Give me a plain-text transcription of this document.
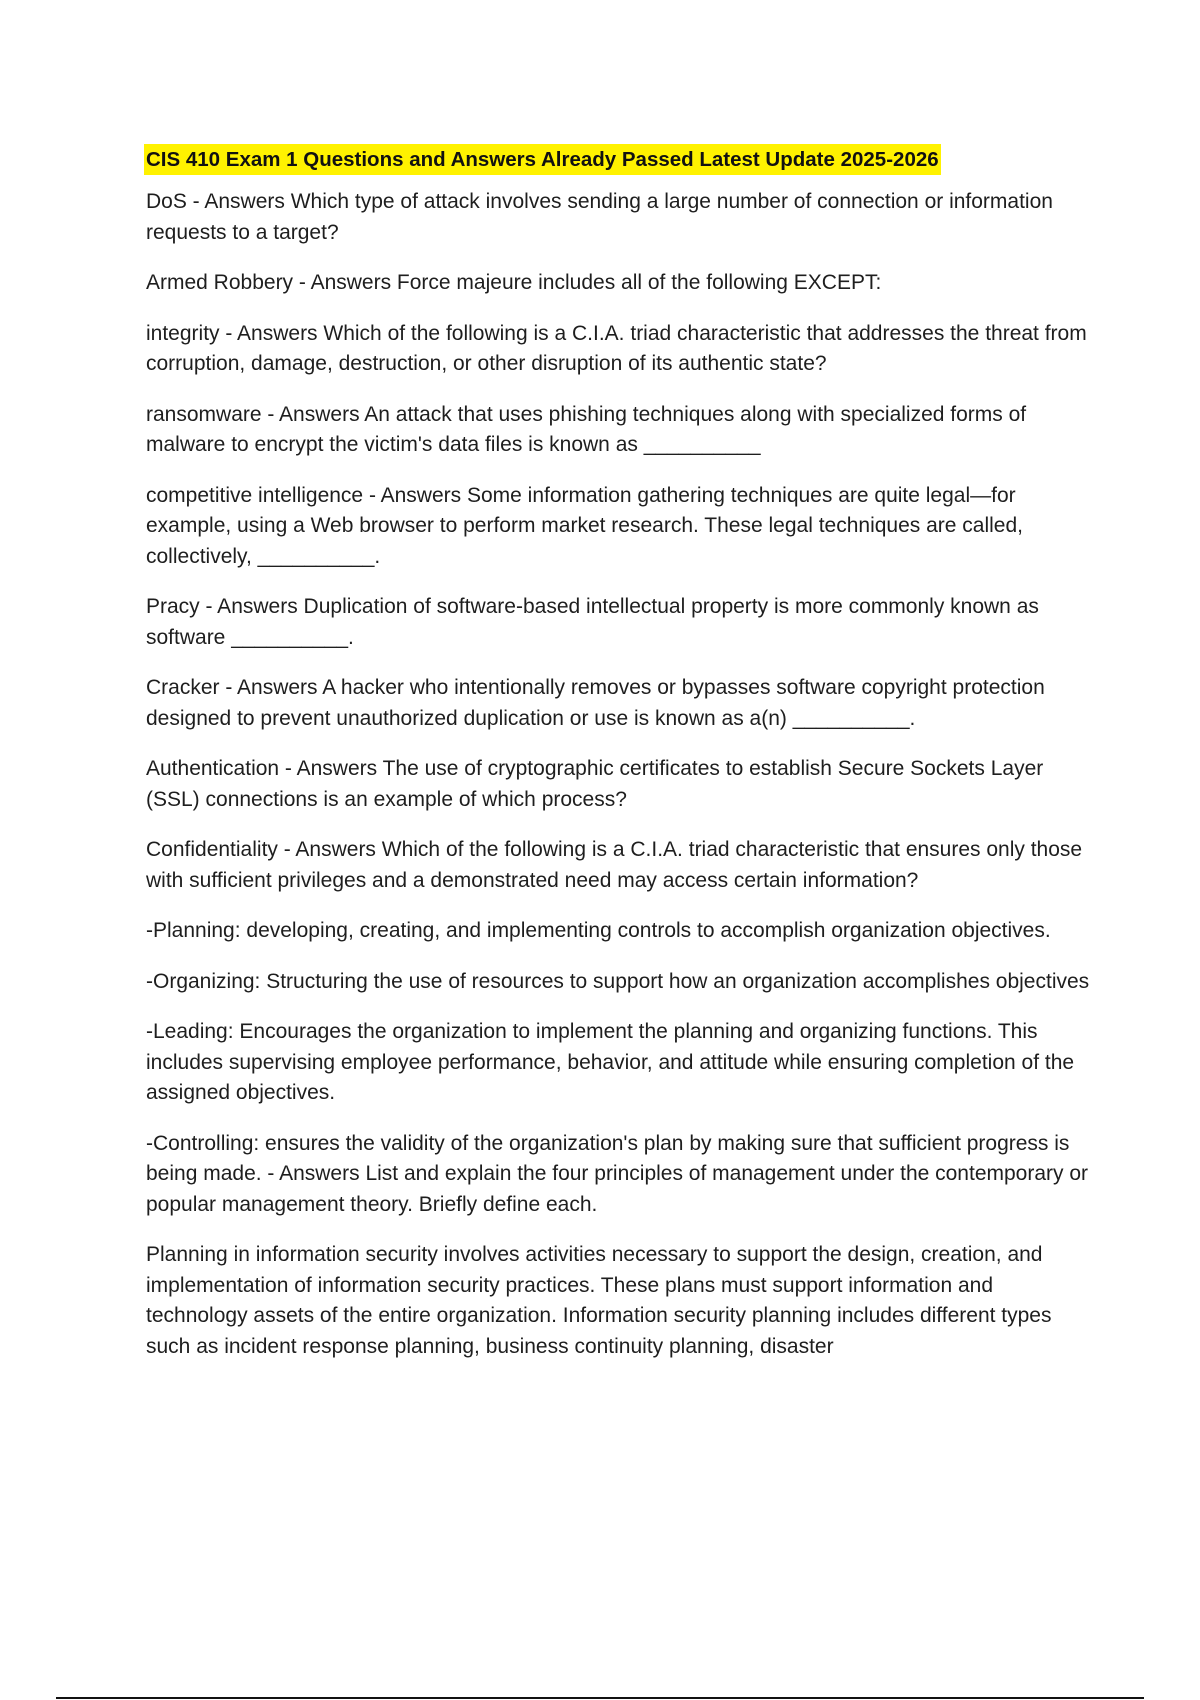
CIS 410 Exam 1 Questions and Answers Already Passed Latest Update 2025-2026

DoS - Answers Which type of attack involves sending a large number of connection or information requests to a target?

Armed Robbery - Answers Force majeure includes all of the following EXCEPT:

integrity - Answers Which of the following is a C.I.A. triad characteristic that addresses the threat from corruption, damage, destruction, or other disruption of its authentic state?

ransomware - Answers An attack that uses phishing techniques along with specialized forms of malware to encrypt the victim's data files is known as __________

competitive intelligence - Answers Some information gathering techniques are quite legal—for example, using a Web browser to perform market research. These legal techniques are called, collectively, __________.

Pracy - Answers Duplication of software-based intellectual property is more commonly known as software __________.

Cracker - Answers A hacker who intentionally removes or bypasses software copyright protection designed to prevent unauthorized duplication or use is known as a(n) __________.

Authentication - Answers The use of cryptographic certificates to establish Secure Sockets Layer (SSL) connections is an example of which process?

Confidentiality - Answers Which of the following is a C.I.A. triad characteristic that ensures only those with sufficient privileges and a demonstrated need may access certain information?

-Planning: developing, creating, and implementing controls to accomplish organization objectives.

-Organizing: Structuring the use of resources to support how an organization accomplishes objectives

-Leading: Encourages the organization to implement the planning and organizing functions. This includes supervising employee performance, behavior, and attitude while ensuring completion of the assigned objectives.

-Controlling: ensures the validity of the organization's plan by making sure that sufficient progress is being made. - Answers List and explain the four principles of management under the contemporary or popular management theory. Briefly define each.

Planning in information security involves activities necessary to support the design, creation, and implementation of information security practices. These plans must support information and technology assets of the entire organization. Information security planning includes different types such as incident response planning, business continuity planning, disaster
